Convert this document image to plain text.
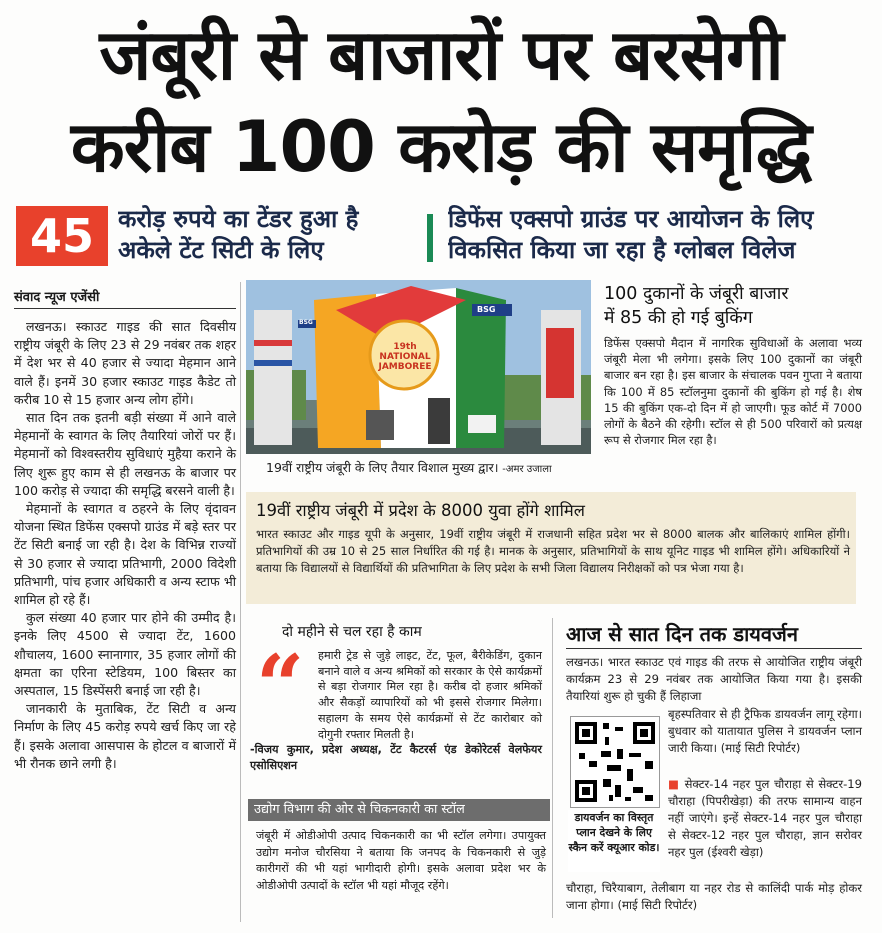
जंबूरी से बाजारों पर बरसेगी
करीब 100 करोड़ की समृद्धि
45	करोड़ रुपये का टेंडर हुआ है
अकेले टेंट सिटी के लिए
डिफेंस एक्सपो ग्राउंड पर आयोजन के लिए
विकसित किया जा रहा है ग्लोबल विलेज
संवाद न्यूज एजेंसी

लखनऊ। स्काउट गाइड की सात दिवसीय राष्ट्रीय जंबूरी के लिए 23 से 29 नवंबर तक शहर में देश भर से 40 हजार से ज्यादा मेहमान आने वाले हैं। इनमें 30 हजार स्काउट गाइड कैडेट तो करीब 10 से 15 हजार अन्य लोग होंगे।

सात दिन तक इतनी बड़ी संख्या में आने वाले मेहमानों के स्वागत के लिए तैयारियां जोरों पर हैं। मेहमानों को विश्वस्तरीय सुविधाएं मुहैया कराने के लिए शुरू हुए काम से ही लखनऊ के बाजार पर 100 करोड़ से ज्यादा की समृद्धि बरसने वाली है।

मेहमानों के स्वागत व ठहरने के लिए वृंदावन योजना स्थित डिफेंस एक्सपो ग्राउंड में बड़े स्तर पर टेंट सिटी बनाई जा रही है। देश के विभिन्न राज्यों से 30 हजार से ज्यादा प्रतिभागी, 2000 विदेशी प्रतिभागी, पांच हजार अधिकारी व अन्य स्टाफ भी शामिल हो रहे हैं।

कुल संख्या 40 हजार पार होने की उम्मीद है। इनके लिए 4500 से ज्यादा टेंट, 1600 शौचालय, 1600 स्नानागार, 35 हजार लोगों की क्षमता का एरिना स्टेडियम, 100 बिस्तर का अस्पताल, 15 डिस्पेंसरी बनाई जा रही है।

जानकारी के मुताबिक, टेंट सिटी व अन्य निर्माण के लिए 45 करोड़ रुपये खर्च किए जा रहे हैं। इसके अलावा आसपास के होटल व बाजारों में भी रौनक छाने लगी है।

19th NATIONAL JAMBOREE
BSG
BSG
19वीं राष्ट्रीय जंबूरी के लिए तैयार विशाल मुख्य द्वार। -अमर उजाला
100 दुकानों के जंबूरी बाजार
में 85 की हो गई बुकिंग
डिफेंस एक्सपो मैदान में नागरिक सुविधाओं के अलावा भव्य जंबूरी मेला भी लगेगा। इसके लिए 100 दुकानों का जंबूरी बाजार बन रहा है। इस बाजार के संचालक पवन गुप्ता ने बताया कि 100 में 85 स्टॉलनुमा दुकानों की बुकिंग हो गई है। शेष 15 की बुकिंग एक-दो दिन में हो जाएगी। फूड कोर्ट में 7000 लोगों के बैठने की रहेगी। स्टॉल से ही 500 परिवारों को प्रत्यक्ष रूप से रोजगार मिल रहा है।
19वीं राष्ट्रीय जंबूरी में प्रदेश के 8000 युवा होंगे शामिल
भारत स्काउट और गाइड यूपी के अनुसार, 19वीं राष्ट्रीय जंबूरी में राजधानी सहित प्रदेश भर से 8000 बालक और बालिकाएं शामिल होंगी। प्रतिभागियों की उम्र 10 से 25 साल निर्धारित की गई है। मानक के अनुसार, प्रतिभागियों के साथ यूनिट गाइड भी शामिल होंगे। अधिकारियों ने बताया कि विद्यालयों से विद्यार्थियों की प्रतिभागिता के लिए प्रदेश के सभी जिला विद्यालय निरीक्षकों को पत्र भेजा गया है।
दो महीने से चल रहा है काम
“	हमारी ट्रेड से जुड़े लाइट, टेंट, फूल, बैरीकेडिंग, दुकान बनाने वाले व अन्य श्रमिकों को सरकार के ऐसे कार्यक्रमों से बड़ा रोजगार मिल रहा है। करीब दो हजार श्रमिकों और सैकड़ों व्यापारियों को भी इससे रोजगार मिलेगा। सहालग के समय ऐसे कार्यक्रमों से टेंट कारोबार को दोगुनी रफ्तार मिलती है।
-विजय कुमार, प्रदेश अध्यक्ष, टेंट कैटरर्स एंड डेकोरेटर्स वेलफेयर एसोसिएशन
उद्योग विभाग की ओर से चिकनकारी का स्टॉल
जंबूरी में ओडीओपी उत्पाद चिकनकारी का भी स्टॉल लगेगा। उपायुक्त उद्योग मनोज चौरसिया ने बताया कि जनपद के चिकनकारी से जुड़े कारीगरों की भी यहां भागीदारी होगी। इसके अलावा प्रदेश भर के ओडीओपी उत्पादों के स्टॉल भी यहां मौजूद रहेंगे।
आज से सात दिन तक डायवर्जन
लखनऊ। भारत स्काउट एवं गाइड की तरफ से आयोजित राष्ट्रीय जंबूरी कार्यक्रम 23 से 29 नवंबर तक आयोजित किया गया है। इसकी तैयारियां शुरू हो चुकी हैं लिहाजा
डायवर्जन का विस्तृत प्लान देखने के लिए स्कैन करें क्यूआर कोड।
बृहस्पतिवार से ही ट्रैफिक डायवर्जन लागू रहेगा। बुधवार को यातायात पुलिस ने डायवर्जन प्लान जारी किया। (माई सिटी रिपोर्टर)
■ सेक्टर-14 नहर पुल चौराहा से सेक्टर-19 चौराहा (पिपरीखेड़ा) की तरफ सामान्य वाहन नहीं जाएंगे। इन्हें सेक्टर-14 नहर पुल चौराहा से सेक्टर-12 नहर पुल चौराहा, ज्ञान सरोवर नहर पुल (ईश्वरी खेड़ा)
चौराहा, चिरैयाबाग, तेलीबाग या नहर रोड से कालिंदी पार्क मोड़ होकर जाना होगा। (माई सिटी रिपोर्टर)
